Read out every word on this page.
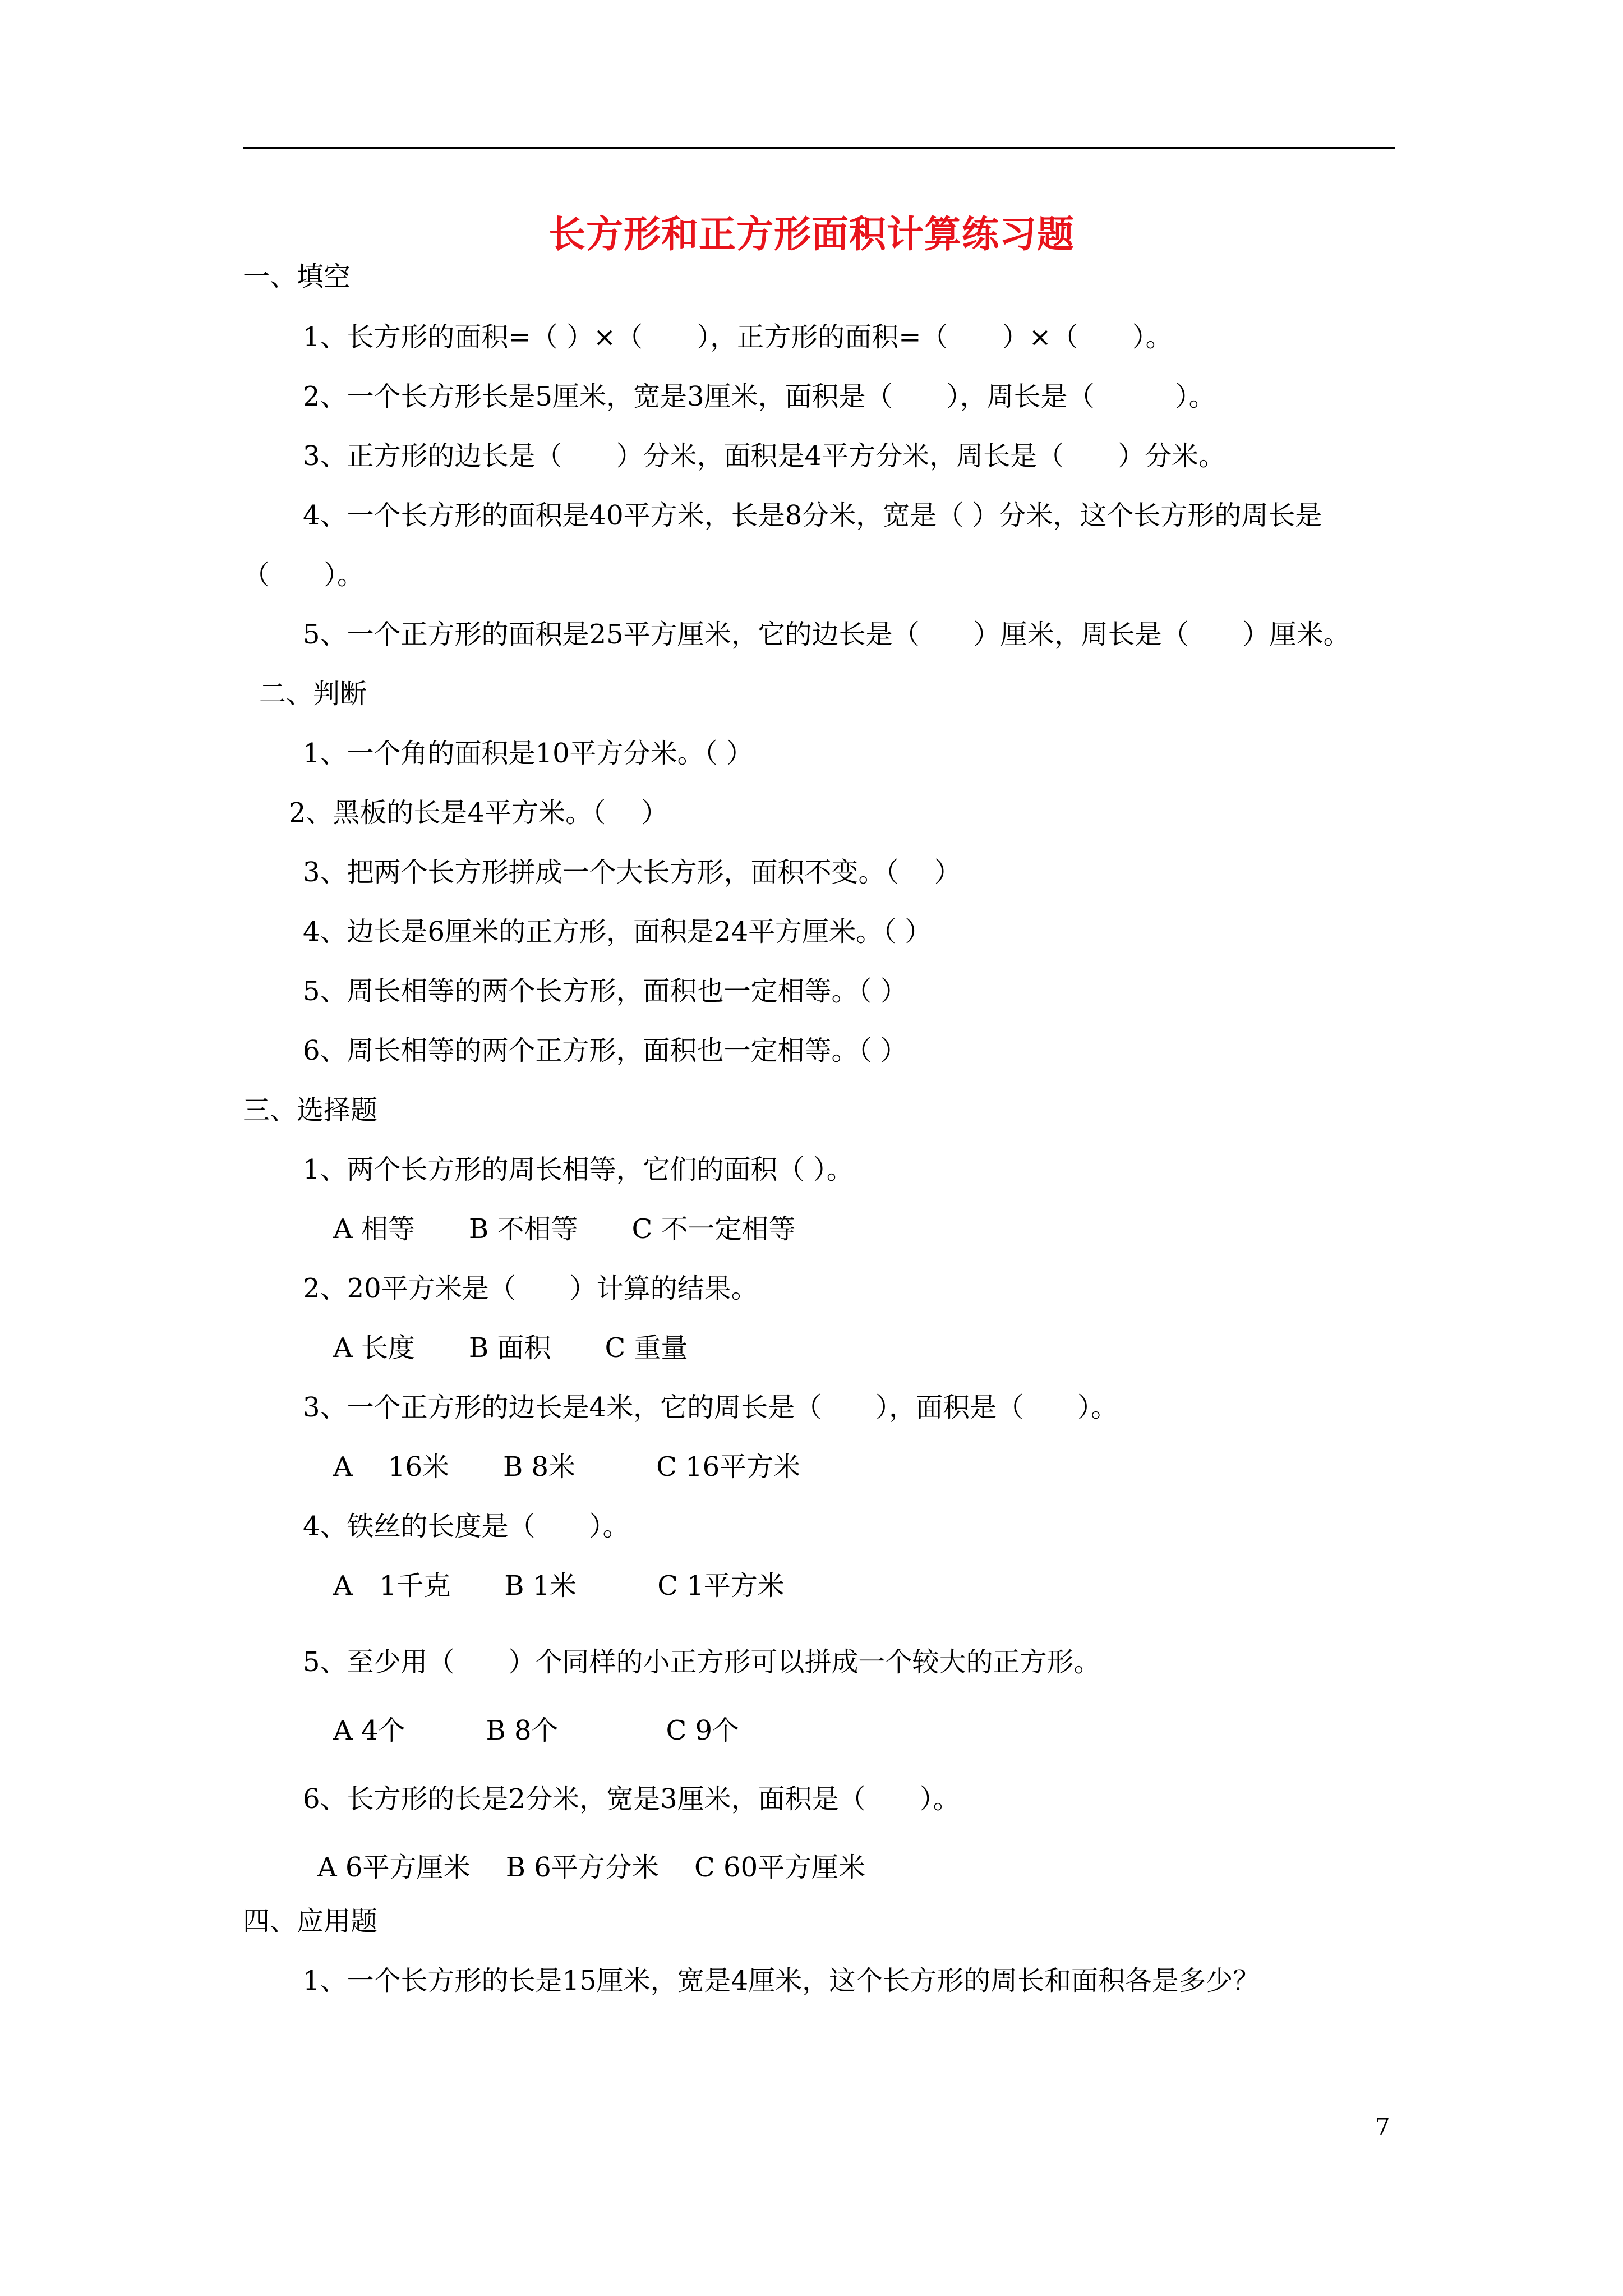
长方形和正方形面积计算练习题
一、填空
1、长方形的面积=（ ）×（　　），正方形的面积=（　　）×（　　）。
2、一个长方形长是5厘米，宽是3厘米，面积是（　　），周长是（　　　）。
3、正方形的边长是（　　）分米，面积是4平方分米，周长是（　　）分米。
4、一个长方形的面积是40平方米，长是8分米，宽是（ ）分米，这个长方形的周长是
（　　）。
5、一个正方形的面积是25平方厘米，它的边长是（　　）厘米，周长是（　　）厘米。
二、判断
1、一个角的面积是10平方分米。（ ）
2、黑板的长是4平方米。（　 ）
3、把两个长方形拼成一个大长方形，面积不变。（　 ）
4、边长是6厘米的正方形，面积是24平方厘米。（ ）
5、周长相等的两个长方形，面积也一定相等。（ ）
6、周长相等的两个正方形，面积也一定相等。（ ）
三、选择题
1、两个长方形的周长相等，它们的面积（ ）。
A 相等　　B 不相等　　C 不一定相等
2、20平方米是（　　）计算的结果。
A 长度　　B 面积　　C 重量
3、一个正方形的边长是4米，它的周长是（　　），面积是（　　）。
A　 16米　　B 8米　　　C 16平方米
4、铁丝的长度是（　　）。
A　1千克　　B 1米　　　C 1平方米
5、至少用（　　）个同样的小正方形可以拼成一个较大的正方形。
A 4个　　　B 8个　　　　C 9个
6、长方形的长是2分米，宽是3厘米，面积是（　　）。
A 6平方厘米　 B 6平方分米　 C 60平方厘米
四、应用题
1、一个长方形的长是15厘米，宽是4厘米，这个长方形的周长和面积各是多少？
7
